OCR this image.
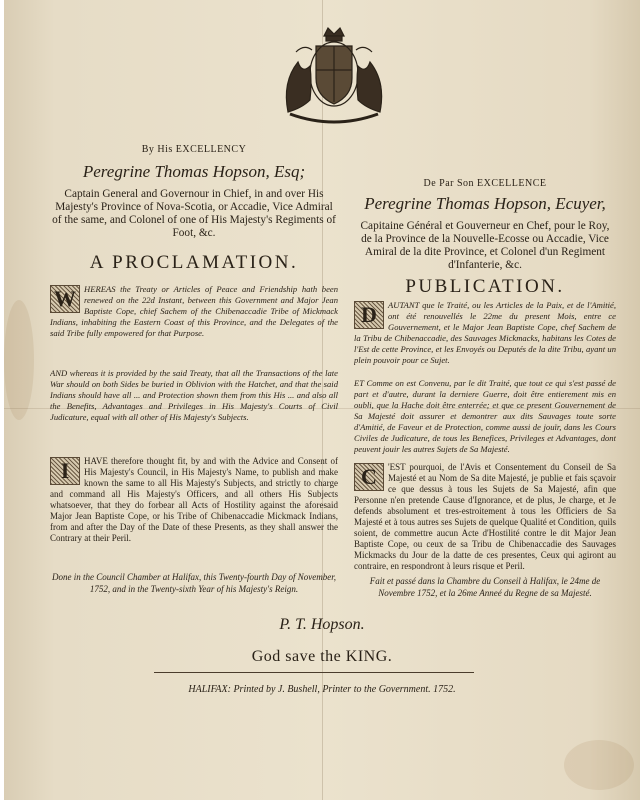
By His EXCELLENCY
Peregrine Thomas Hopson, Esq;
Captain General and Governour in Chief, in and over His Majesty's Province of Nova-Scotia, or Accadie, Vice Admiral of the same, and Colonel of one of His Majesty's Regiments of Foot, &c.
A PROCLAMATION.
W HEREAS the Treaty or Articles of Peace and Friendship hath been renewed on the 22d Instant, between this Government and Major Jean Baptiste Cope, chief Sachem of the Chibenaccadie Tribe of Mickmack Indians, inhabiting the Eastern Coast of this Province, and the Delegates of the said Tribe fully empowered for that Purpose.
AND whereas it is provided by the said Treaty, that all the Transactions of the late War should on both Sides be buried in Oblivion with the Hatchet, and that the said Indians should have all ... and Protection shown them from this His ... and also all the Benefits, Advantages and Privileges in His Majesty's Courts of Civil Judicature, equal with all other of His Majesty's Subjects.
I	HAVE therefore thought fit, by and with the Advice and Consent of His Majesty's Council, in His Majesty's Name, to publish and make known the same to all His Majesty's Subjects, and strictly to charge and command all His Majesty's Officers, and all others His Subjects whatsoever, that they do forbear all Acts of Hostility against the aforesaid Major Jean Baptiste Cope, or his Tribe of Chibenaccadie Mickmack Indians, from and after the Day of the Date of these Presents, as they shall answer the Contrary at their Peril.
Done in the Council Chamber at Halifax, this Twenty-fourth Day of November, 1752, and in the Twenty-sixth Year of his Majesty's Reign.
De Par Son EXCELLENCE
Peregrine Thomas Hopson, Ecuyer,
Capitaine Général et Gouverneur en Chef, pour le Roy, de la Province de la Nouvelle-Ecosse ou Accadie, Vice Amiral de la dite Province, et Colonel d'un Regiment d'Infanterie, &c.
PUBLICATION.
D	AUTANT que le Traité, ou les Articles de la Paix, et de l'Amitié, ont été renouvellés le 22me du present Mois, entre ce Gouvernement, et le Major Jean Baptiste Cope, chef Sachem de la Tribu de Chibenaccadie, des Sauvages Mickmacks, habitans les Cotes de l'Est de cette Province, et les Envoyés ou Deputés de la dite Tribu, ayant un plein pouvoir pour ce Sujet.
ET Comme on est Convenu, par le dit Traité, que tout ce qui s'est passé de part et d'autre, durant la derniere Guerre, doit être entierement mis en oubli, que la Hache doit être enterrée; et que ce present Gouvernement de Sa Majesté doit assurer et demontrer aux dits Sauvages toute sorte d'Amitié, de Faveur et de Protection, comme aussi de jouïr, dans les Cours Civiles de Judicature, de tous les Benefices, Privileges et Advantages, dont peuvent jouir les autres Sujets de Sa Majesté.
C	'EST pourquoi, de l'Avis et Consentement du Conseil de Sa Majesté et au Nom de Sa dite Majesté, je publie et fais sçavoir ce que dessus à tous les Sujets de Sa Majesté, afin que Personne n'en pretende Cause d'Ignorance, et de plus, Je charge, et Je defends absolument et tres-estroitement à tous les Officiers de Sa Majesté et à tous autres ses Sujets de quelque Qualité et Condition, quils soient, de commettre aucun Acte d'Hostilité contre le dit Major Jean Baptiste Cope, ou ceux de sa Tribu de Chibenaccadie des Sauvages Mickmacks du Jour de la datte de ces presentes, Ceux qui agiront au contraire, en respondront à leurs risque et Peril.
Fait et passé dans la Chambre du Conseil à Halifax, le 24me de Novembre 1752, et la 26me Anneé du Regne de sa Majesté.
P. T. Hopson.
God save the KING.
HALIFAX: Printed by J. Bushell, Printer to the Government. 1752.
